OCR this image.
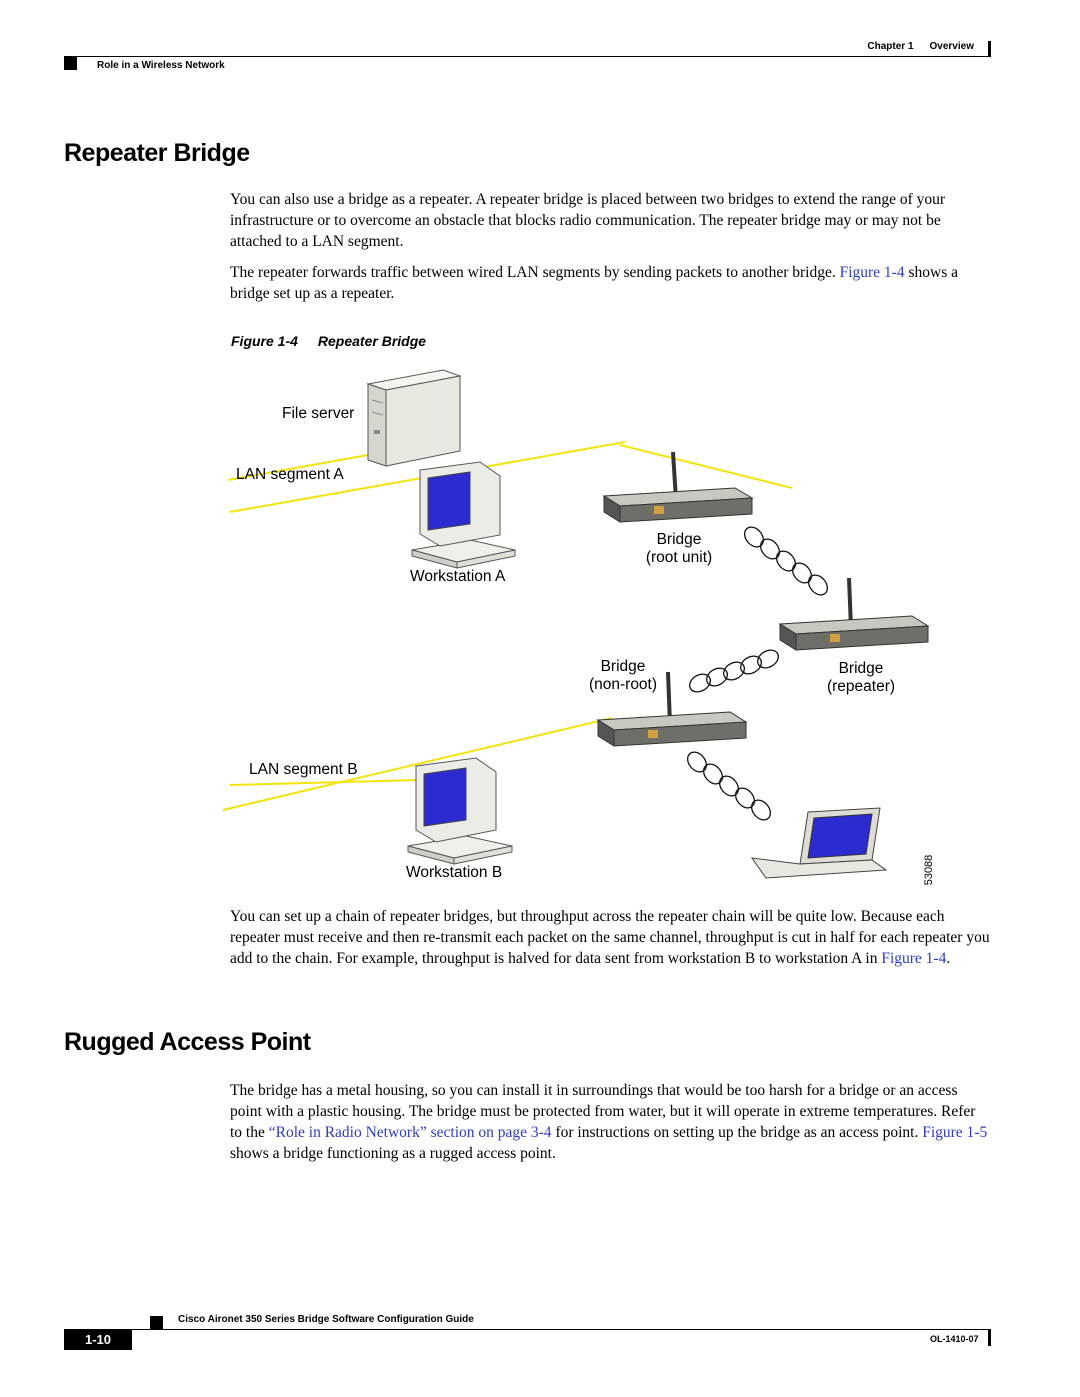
Chapter 1 Overview
Role in a Wireless Network
Repeater Bridge

You can also use a bridge as a repeater. A repeater bridge is placed between two bridges to extend the range of your infrastructure or to overcome an obstacle that blocks radio communication. The repeater bridge may or may not be attached to a LAN segment.

The repeater forwards traffic between wired LAN segments by sending packets to another bridge. Figure 1-4 shows a bridge set up as a repeater.

Figure 1-4 Repeater Bridge
File server
LAN segment A
Workstation A
Bridge
(root unit)
Bridge
(non-root)
Bridge
(repeater)
LAN segment B
Workstation B	53088

You can set up a chain of repeater bridges, but throughput across the repeater chain will be quite low. Because each repeater must receive and then re-transmit each packet on the same channel, throughput is cut in half for each repeater you add to the chain. For example, throughput is halved for data sent from workstation B to workstation A in Figure 1-4.

Rugged Access Point

The bridge has a metal housing, so you can install it in surroundings that would be too harsh for a bridge or an access point with a plastic housing. The bridge must be protected from water, but it will operate in extreme temperatures. Refer to the “Role in Radio Network” section on page 3-4 for instructions on setting up the bridge as an access point. Figure 1-5 shows a bridge functioning as a rugged access point.

Cisco Aironet 350 Series Bridge Software Configuration Guide
1-10	OL-1410-07
